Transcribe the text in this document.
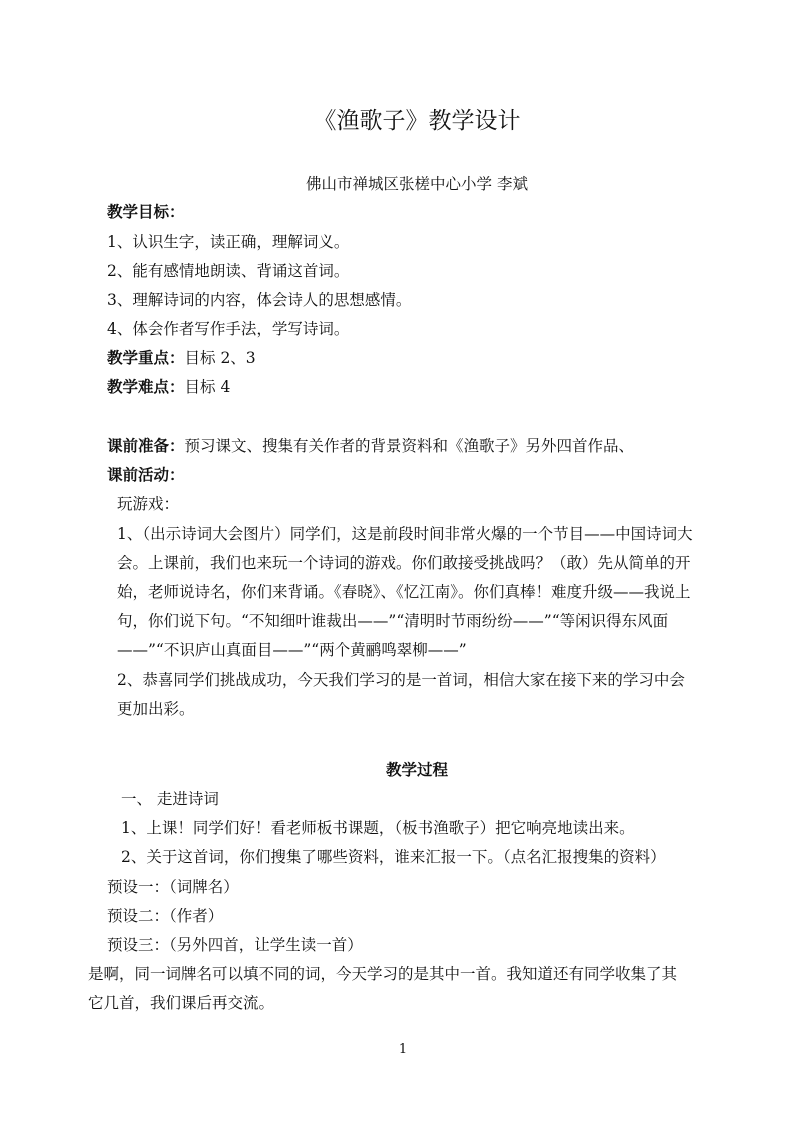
《渔歌子》教学设计
佛山市禅城区张槎中心小学 李斌
教学目标：
1、认识生字，读正确，理解词义。
2、能有感情地朗读、背诵这首词。
3、理解诗词的内容，体会诗人的思想感情。
4、体会作者写作手法，学写诗词。
教学重点：目标 2、3
教学难点：目标 4
课前准备：预习课文、搜集有关作者的背景资料和《渔歌子》另外四首作品、
课前活动：
玩游戏：
1、（出示诗词大会图片）同学们，这是前段时间非常火爆的一个节目——中国诗词大
会。上课前，我们也来玩一个诗词的游戏。你们敢接受挑战吗？（敢）先从简单的开
始，老师说诗名，你们来背诵。《春晓》、《忆江南》。你们真棒！难度升级——我说上
句，你们说下句。“不知细叶谁裁出——”“清明时节雨纷纷——”“等闲识得东风面
——”“不识庐山真面目——”“两个黄鹂鸣翠柳——”
2、恭喜同学们挑战成功，今天我们学习的是一首词，相信大家在接下来的学习中会
更加出彩。
教学过程
一、 走进诗词
1、上课！同学们好！看老师板书课题，（板书渔歌子）把它响亮地读出来。
2、关于这首词，你们搜集了哪些资料，谁来汇报一下。（点名汇报搜集的资料）
预设一：（词牌名）
预设二：（作者）
预设三：（另外四首，让学生读一首）
是啊，同一词牌名可以填不同的词，今天学习的是其中一首。我知道还有同学收集了其
它几首，我们课后再交流。
1
